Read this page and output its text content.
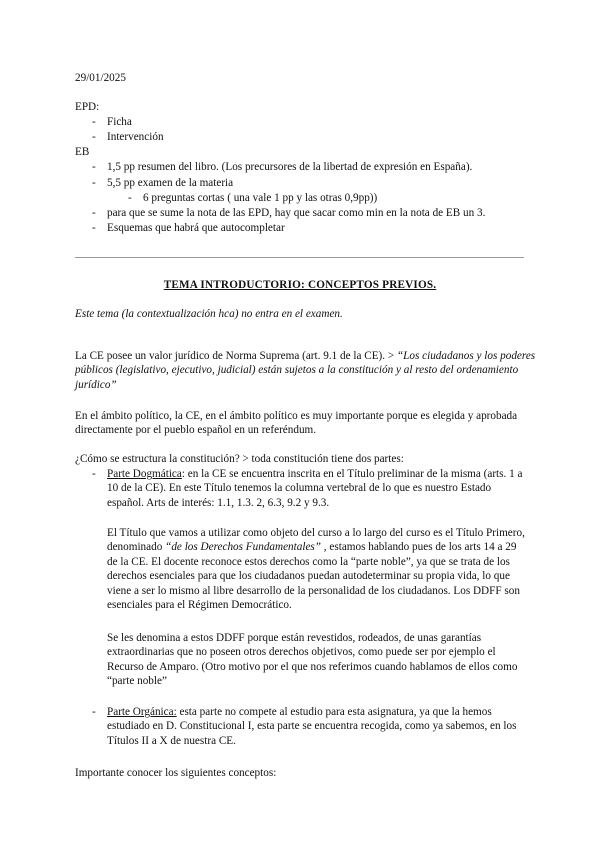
29/01/2025
EPD:
- Ficha
- Intervención
EB
- 1,5 pp resumen del libro. (Los precursores de la libertad de expresión en España).
- 5,5 pp examen de la materia
- 6 preguntas cortas ( una vale 1 pp y las otras 0,9pp))
- para que se sume la nota de las EPD, hay que sacar como min en la nota de EB un 3.
- Esquemas que habrá que autocompletar
TEMA INTRODUCTORIO: CONCEPTOS PREVIOS.
Este tema (la contextualización hca) no entra en el examen.
La CE posee un valor jurídico de Norma Suprema (art. 9.1 de la CE). > “Los ciudadanos y los poderes
públicos (legislativo, ejecutivo, judicial) están sujetos a la constitución y al resto del ordenamiento
jurídico”
En el ámbito político, la CE, en el ámbito político es muy importante porque es elegida y aprobada
directamente por el pueblo español en un referéndum.
¿Cómo se estructura la constitución? > toda constitución tiene dos partes:
- Parte Dogmática: en la CE se encuentra inscrita en el Título preliminar de la misma (arts. 1 a
10 de la CE). En este Título tenemos la columna vertebral de lo que es nuestro Estado
español. Arts de interés: 1.1, 1.3. 2, 6.3, 9.2 y 9.3.
El Título que vamos a utilizar como objeto del curso a lo largo del curso es el Título Primero,
denominado “de los Derechos Fundamentales” , estamos hablando pues de los arts 14 a 29
de la CE. El docente reconoce estos derechos como la “parte noble”, ya que se trata de los
derechos esenciales para que los ciudadanos puedan autodeterminar su propia vida, lo que
viene a ser lo mismo al libre desarrollo de la personalidad de los ciudadanos. Los DDFF son
esenciales para el Régimen Democrático.
Se les denomina a estos DDFF porque están revestidos, rodeados, de unas garantías
extraordinarias que no poseen otros derechos objetivos, como puede ser por ejemplo el
Recurso de Amparo. (Otro motivo por el que nos referimos cuando hablamos de ellos como
“parte noble”
- Parte Orgánica: esta parte no compete al estudio para esta asignatura, ya que la hemos
estudiado en D. Constitucional I, esta parte se encuentra recogida, como ya sabemos, en los
Títulos II a X de nuestra CE.
Importante conocer los siguientes conceptos:
